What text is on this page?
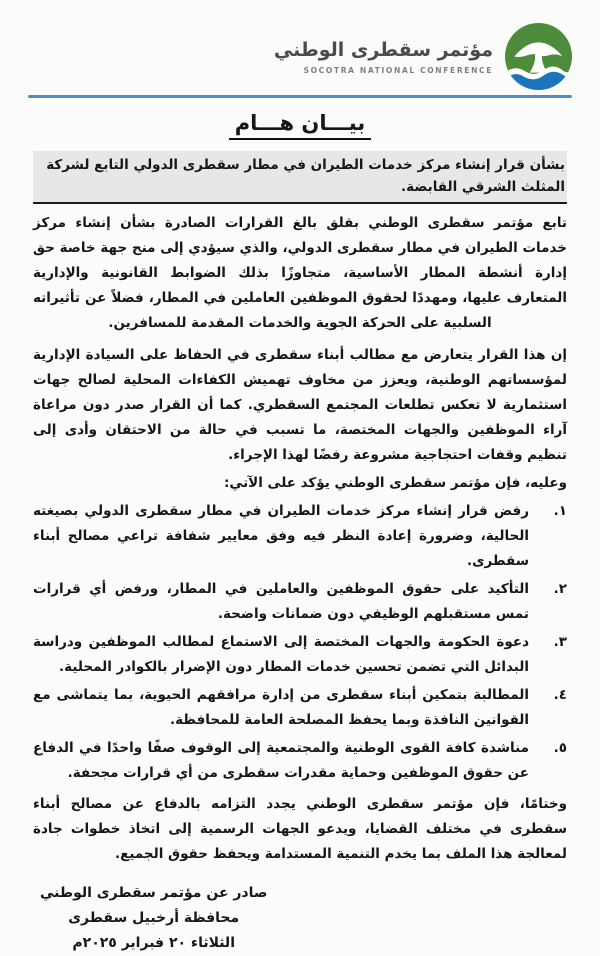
مؤتمر سقطرى الوطني
SOCOTRA NATIONAL CONFERENCE
بيـــان هـــام
بشأن قرار إنشاء مركز خدمات الطيران في مطار سقطرى الدولي التابع لشركة المثلث الشرقي القابضة.
تابع مؤتمر سقطرى الوطني بقلق بالغ القرارات الصادرة بشأن إنشاء مركز خدمات الطيران في مطار سقطرى الدولي، والذي سيؤدي إلى منح جهة خاصة حق إدارة أنشطة المطار الأساسية، متجاوزًا بذلك الضوابط القانونية والإدارية المتعارف عليها، ومهددًا لحقوق الموظفين العاملين في المطار، فضلاً عن تأثيراته السلبية على الحركة الجوية والخدمات المقدمة للمسافرين.
إن هذا القرار يتعارض مع مطالب أبناء سقطرى في الحفاظ على السيادة الإدارية لمؤسساتهم الوطنية، ويعزز من مخاوف تهميش الكفاءات المحلية لصالح جهات استثمارية لا تعكس تطلعات المجتمع السقطري. كما أن القرار صدر دون مراعاة آراء الموظفين والجهات المختصة، ما تسبب في حالة من الاحتقان وأدى إلى تنظيم وقفات احتجاجية مشروعة رفضًا لهذا الإجراء.
وعليه، فإن مؤتمر سقطرى الوطني يؤكد على الآتي:
١.
رفض قرار إنشاء مركز خدمات الطيران في مطار سقطرى الدولي بصيغته الحالية، وضرورة إعادة النظر فيه وفق معايير شفافة تراعي مصالح أبناء سقطرى.
٢.
التأكيد على حقوق الموظفين والعاملين في المطار، ورفض أي قرارات تمس مستقبلهم الوظيفي دون ضمانات واضحة.
٣.
دعوة الحكومة والجهات المختصة إلى الاستماع لمطالب الموظفين ودراسة البدائل التي تضمن تحسين خدمات المطار دون الإضرار بالكوادر المحلية.
٤.
المطالبة بتمكين أبناء سقطرى من إدارة مرافقهم الحيوية، بما يتماشى مع القوانين النافذة وبما يحفظ المصلحة العامة للمحافظة.
٥.
مناشدة كافة القوى الوطنية والمجتمعية إلى الوقوف صفًا واحدًا في الدفاع عن حقوق الموظفين وحماية مقدرات سقطرى من أي قرارات مجحفة.
وختامًا، فإن مؤتمر سقطرى الوطني يجدد التزامه بالدفاع عن مصالح أبناء سقطرى في مختلف القضايا، ويدعو الجهات الرسمية إلى اتخاذ خطوات جادة لمعالجة هذا الملف بما يخدم التنمية المستدامة ويحفظ حقوق الجميع.
صادر عن مؤتمر سقطرى الوطني
محافظة أرخبيل سقطرى
الثلاثاء ٢٠ فبراير ٢٠٢٥م
